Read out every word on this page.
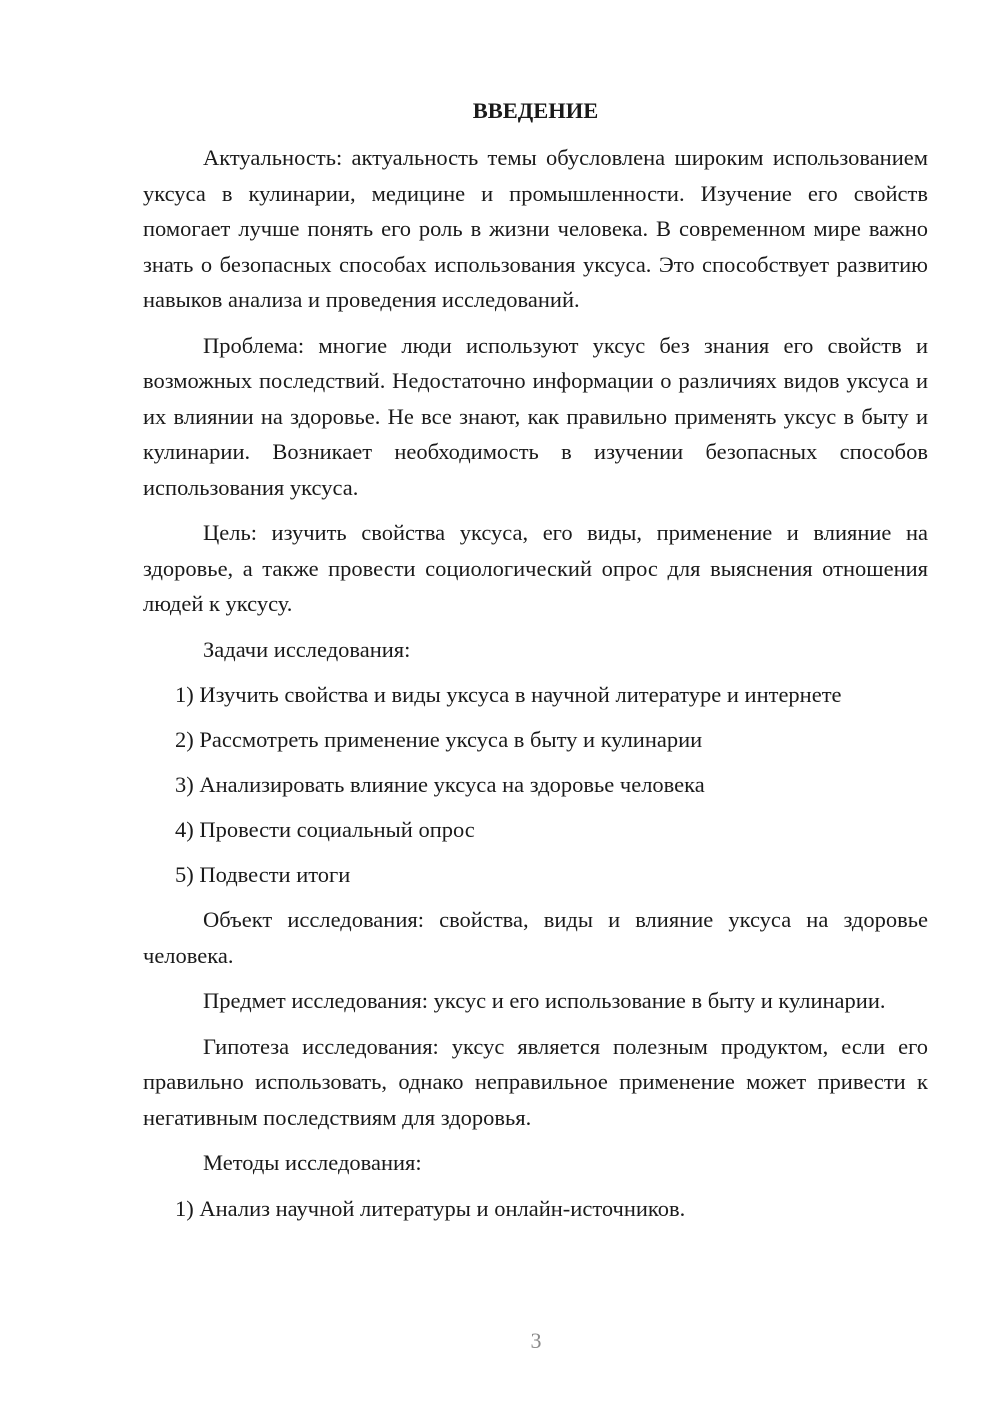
ВВЕДЕНИЕ

Актуальность: актуальность темы обусловлена широким использованием уксуса в кулинарии, медицине и промышленности. Изучение его свойств помогает лучше понять его роль в жизни человека. В современном мире важно знать о безопасных способах использования уксуса. Это способствует развитию навыков анализа и проведения исследований.

Проблема: многие люди используют уксус без знания его свойств и возможных последствий. Недостаточно информации о различиях видов уксуса и их влиянии на здоровье. Не все знают, как правильно применять уксус в быту и кулинарии. Возникает необходимость в изучении безопасных способов использования уксуса.

Цель: изучить свойства уксуса, его виды, применение и влияние на здоровье, а также провести социологический опрос для выяснения отношения людей к уксусу.

Задачи исследования:

1) Изучить свойства и виды уксуса в научной литературе и интернете

2) Рассмотреть применение уксуса в быту и кулинарии

3) Анализировать влияние уксуса на здоровье человека

4) Провести социальный опрос

5) Подвести итоги

Объект исследования: свойства, виды и влияние уксуса на здоровье человека.

Предмет исследования: уксус и его использование в быту и кулинарии.

Гипотеза исследования: уксус является полезным продуктом, если его правильно использовать, однако неправильное применение может привести к негативным последствиям для здоровья.

Методы исследования:

1) Анализ научной литературы и онлайн-источников.

3
